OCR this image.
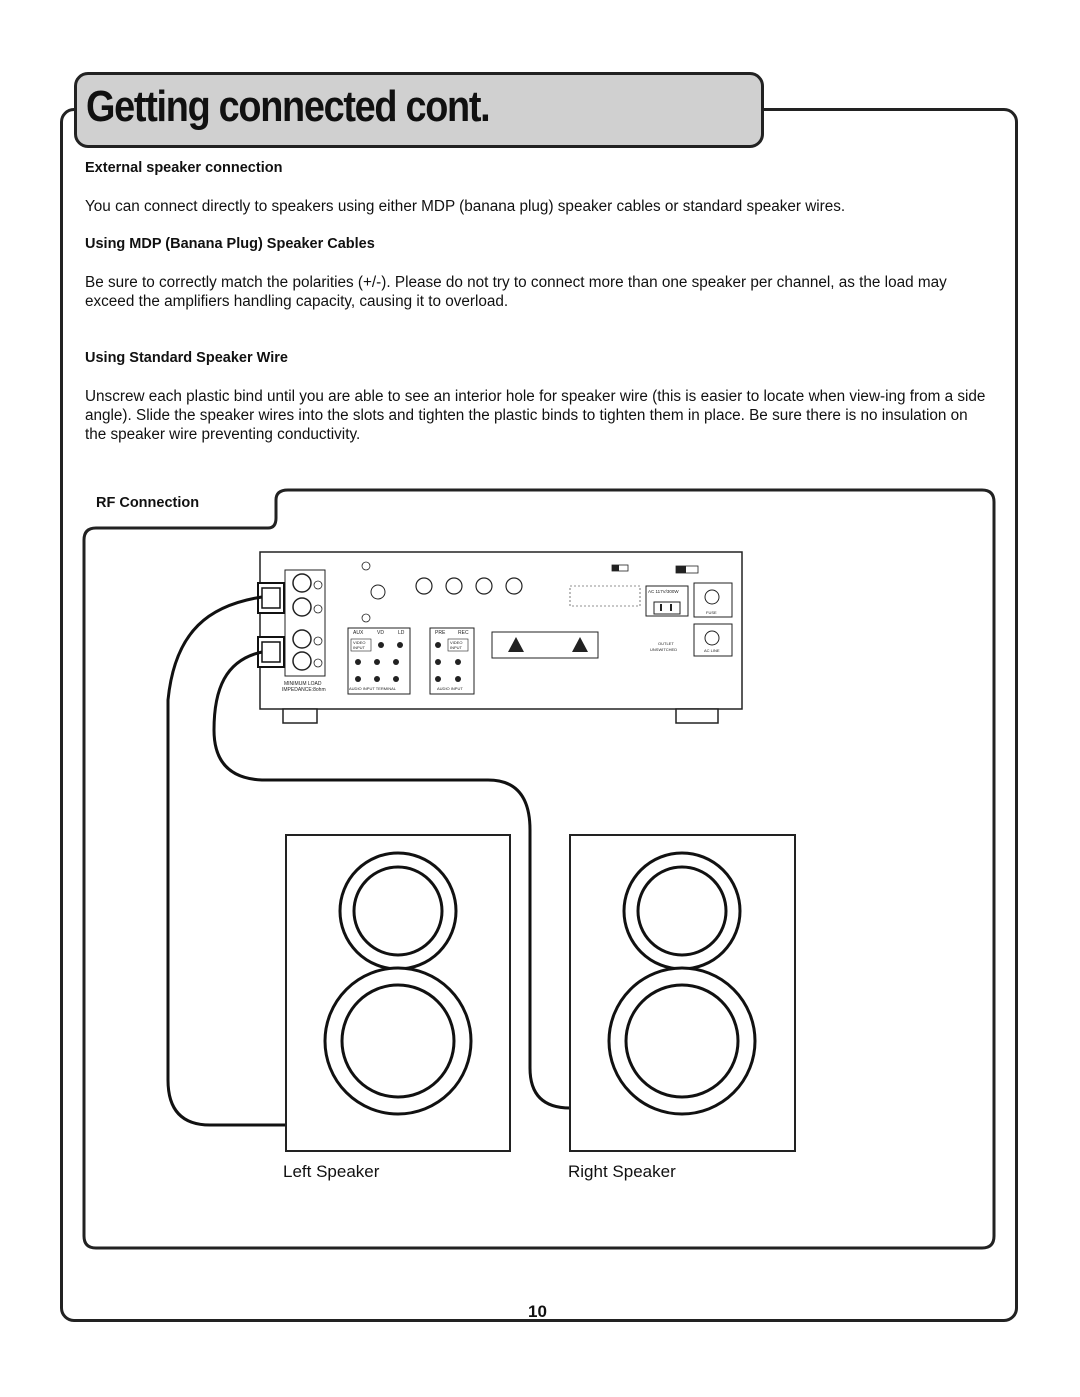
Getting connected cont.
External speaker connection
You can connect directly to speakers using either MDP (banana plug) speaker cables or standard speaker wires.
Using MDP (Banana Plug) Speaker Cables
Be sure to correctly match the polarities (+/-). Please do not try to connect more than one speaker per channel, as the load may exceed the amplifiers handling capacity, causing it to overload.
Using Standard Speaker Wire
Unscrew each plastic bind until you are able to see an interior hole for speaker wire (this is easier to locate when view-ing from a side angle). Slide the speaker wires into the slots and tighten the plastic binds to tighten them in place. Be sure there is no insulation on the speaker wire preventing conductivity.
MINIMUM LOAD
IMPEDANCE:8ohm
AUX	VD	LD
VIDEO
INPUT
AUDIO INPUT TERMINAL
PRE	REC
VIDEO
INPUT
AUDIO INPUT
AC 117V/300W
FUSE
OUTLET
UNSWITCHED	AC LINE
RF Connection
Left Speaker	Right Speaker
10
